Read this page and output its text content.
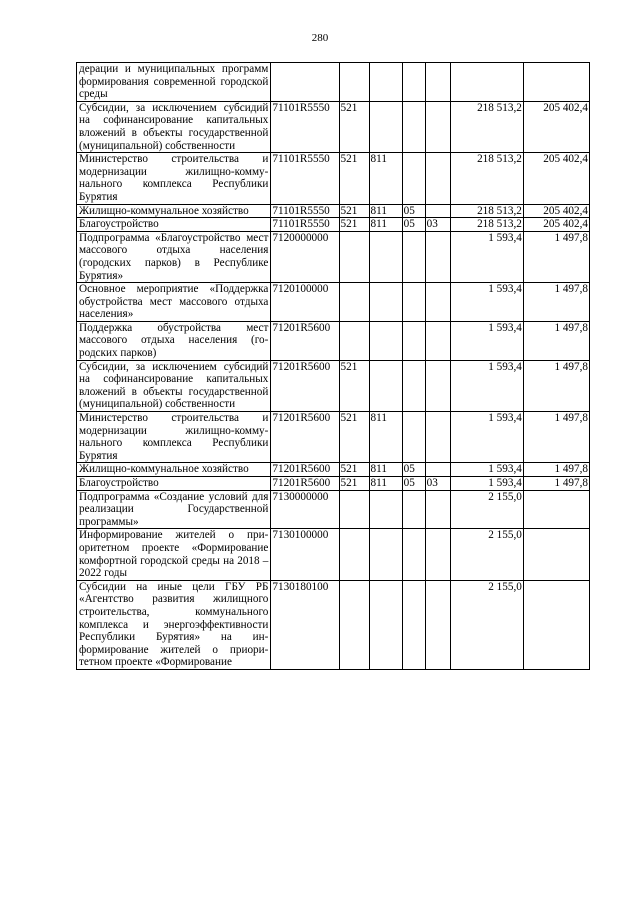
280
дерации и муниципальных программ формирования современной городской среды							
Субсидии, за исключением субсидий на софинансирование капитальных вложений в объекты государственной (муниципальной) собственности	71101R5550	521				218 513,2	205 402,4
Министерство строительства и модернизации жилищно-коммунального комплекса Республики Бурятия	71101R5550	521	811			218 513,2	205 402,4
Жилищно-коммунальное хозяйство	71101R5550	521	811	05		218 513,2	205 402,4
Благоустройство	71101R5550	521	811	05	03	218 513,2	205 402,4
Подпрограмма «Благоустройство мест массового отдыха населения (городских парков) в Республике Бурятия»	7120000000					1 593,4	1 497,8
Основное мероприятие «Поддержка обустройства мест массового отдыха населения»	7120100000					1 593,4	1 497,8
Поддержка обустройства мест массового отдыха населения (городских парков)	71201R5600					1 593,4	1 497,8
Субсидии, за исключением субсидий на софинансирование капитальных вложений в объекты государственной (муниципальной) собственности	71201R5600	521				1 593,4	1 497,8
Министерство строительства и модернизации жилищно-коммунального комплекса Республики Бурятия	71201R5600	521	811			1 593,4	1 497,8
Жилищно-коммунальное хозяйство	71201R5600	521	811	05		1 593,4	1 497,8
Благоустройство	71201R5600	521	811	05	03	1 593,4	1 497,8
Подпрограмма «Создание условий для реализации Государственной программы»	7130000000					2 155,0	
Информирование жителей о приоритетном проекте «Формирование комфортной городской среды на 2018 – 2022 годы	7130100000					2 155,0	
Субсидии на иные цели ГБУ РБ «Агентство развития жилищного строительства, коммунального комплекса и энергоэффективности Республики Бурятия» на информирование жителей о приоритетном проекте «Формирование	7130180100					2 155,0	
